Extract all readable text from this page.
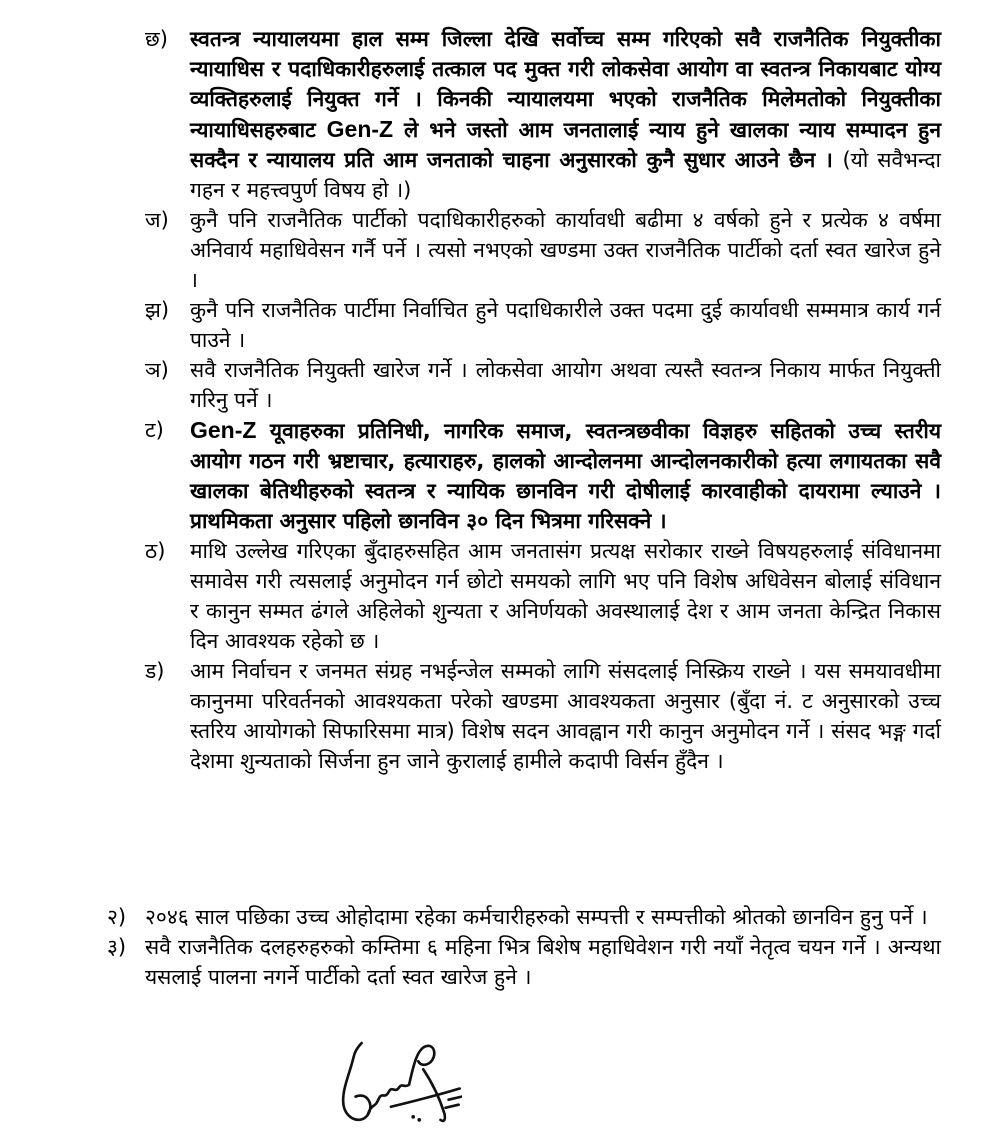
छ)	स्वतन्त्र न्यायालयमा हाल सम्म जिल्ला देखि सर्वोच्च सम्म गरिएको सवै राजनैतिक नियुक्तीका न्यायाधिस र पदाधिकारीहरुलाई तत्काल पद मुक्त गरी लोकसेवा आयोग वा स्वतन्त्र निकायबाट योग्य व्यक्तिहरुलाई नियुक्त गर्ने । किनकी न्यायालयमा भएको राजनैतिक मिलेमतोको नियुक्तीका न्यायाधिसहरुबाट Gen-Z ले भने जस्तो आम जनतालाई न्याय हुने खालका न्याय सम्पादन हुन सक्दैन र न्यायालय प्रति आम जनताको चाहना अनुसारको कुनै सुधार आउने छैन । (यो सवैभन्दा गहन र महत्त्वपुर्ण विषय हो ।)
ज)	कुनै पनि राजनैतिक पार्टीको पदाधिकारीहरुको कार्यावधी बढीमा ४ वर्षको हुने र प्रत्येक ४ वर्षमा अनिवार्य महाधिवेसन गर्नै पर्ने । त्यसो नभएको खण्डमा उक्त राजनैतिक पार्टीको दर्ता स्वत खारेज हुने ।
झ) कुनै पनि राजनैतिक पार्टीमा निर्वाचित हुने पदाधिकारीले उक्त पदमा दुई कार्यावधी सम्ममात्र कार्य गर्न पाउने ।
ञ)	सवै राजनैतिक नियुक्ती खारेज गर्ने । लोकसेवा आयोग अथवा त्यस्तै स्वतन्त्र निकाय मार्फत नियुक्ती गरिनु पर्ने ।
ट)	Gen-Z यूवाहरुका प्रतिनिधी, नागरिक समाज, स्वतन्त्रछवीका विज्ञहरु सहितको उच्च स्तरीय आयोग गठन गरी भ्रष्टाचार, हत्याराहरु, हालको आन्दोलनमा आन्दोलनकारीको हत्या लगायतका सवै खालका बेतिथीहरुको स्वतन्त्र र न्यायिक छानविन गरी दोषीलाई कारवाहीको दायरामा ल्याउने । प्राथमिकता अनुसार पहिलो छानविन ३० दिन भित्रमा गरिसक्ने ।
ठ)	माथि उल्लेख गरिएका बुँदाहरुसहित आम जनतासंग प्रत्यक्ष सरोकार राख्ने विषयहरुलाई संविधानमा समावेस गरी त्यसलाई अनुमोदन गर्न छोटो समयको लागि भए पनि विशेष अधिवेसन बोलाई संविधान र कानुन सम्मत ढंगले अहिलेको शुन्यता र अनिर्णयको अवस्थालाई देश र आम जनता केन्द्रित निकास दिन आवश्यक रहेको छ ।
ड)	आम निर्वाचन र जनमत संग्रह नभईन्जेल सम्मको लागि संसदलाई निस्क्रिय राख्ने । यस समयावधीमा कानुनमा परिवर्तनको आवश्यकता परेको खण्डमा आवश्यकता अनुसार (बुँदा नं. ट अनुसारको उच्च स्तरिय आयोगको सिफारिसमा मात्र) विशेष सदन आवह्वान गरी कानुन अनुमोदन गर्ने । संसद भङ्ग गर्दा देशमा शुन्यताको सिर्जना हुन जाने कुरालाई हामीले कदापी विर्सन हुँदैन ।
२) २०४६ साल पछिका उच्च ओहोदामा रहेका कर्मचारीहरुको सम्पत्ती र सम्पत्तीको श्रोतको छानविन हुनु पर्ने ।
३) सवै राजनैतिक दलहरुहरुको कम्तिमा ६ महिना भित्र बिशेष महाधिवेशन गरी नयाँ नेतृत्व चयन गर्ने । अन्यथा यसलाई पालना नगर्ने पार्टीको दर्ता स्वत खारेज हुने ।
